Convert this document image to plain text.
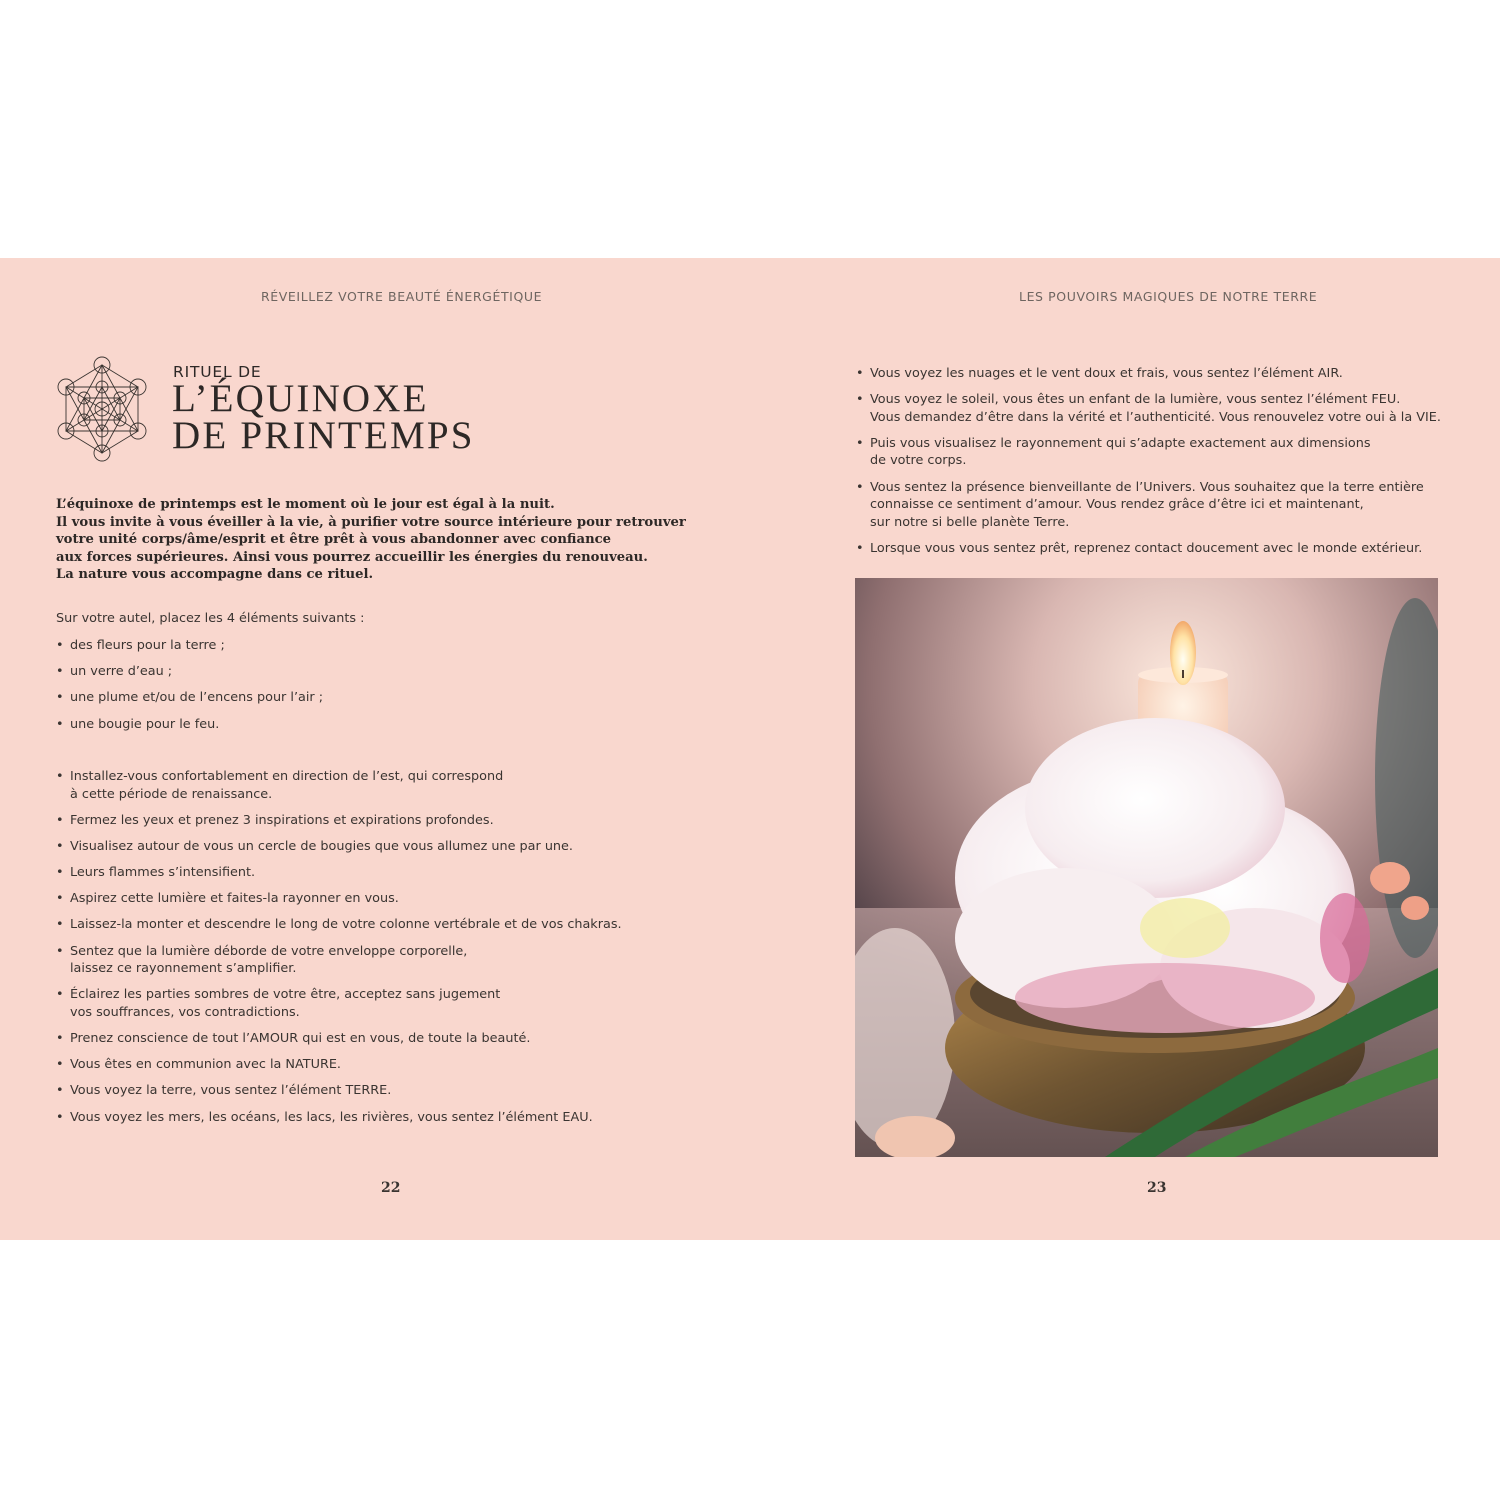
RÉVEILLEZ VOTRE BEAUTÉ ÉNERGÉTIQUE
RITUEL DE
L’ÉQUINOXE
DE PRINTEMPS
L’équinoxe de printemps est le moment où le jour est égal à la nuit.
Il vous invite à vous éveiller à la vie, à purifier votre source intérieure pour retrouver
votre unité corps/âme/esprit et être prêt à vous abandonner avec confiance
aux forces supérieures. Ainsi vous pourrez accueillir les énergies du renouveau.
La nature vous accompagne dans ce rituel.
Sur votre autel, placez les 4 éléments suivants :
• des fleurs pour la terre ;
• un verre d’eau ;
• une plume et/ou de l’encens pour l’air ;
• une bougie pour le feu.
• Installez-vous confortablement en direction de l’est, qui correspond
à cette période de renaissance.
• Fermez les yeux et prenez 3 inspirations et expirations profondes.
• Visualisez autour de vous un cercle de bougies que vous allumez une par une.
• Leurs flammes s’intensifient.
• Aspirez cette lumière et faites-la rayonner en vous.
• Laissez-la monter et descendre le long de votre colonne vertébrale et de vos chakras.
• Sentez que la lumière déborde de votre enveloppe corporelle,
laissez ce rayonnement s’amplifier.
• Éclairez les parties sombres de votre être, acceptez sans jugement
vos souffrances, vos contradictions.
• Prenez conscience de tout l’AMOUR qui est en vous, de toute la beauté.
• Vous êtes en communion avec la NATURE.
• Vous voyez la terre, vous sentez l’élément TERRE.
• Vous voyez les mers, les océans, les lacs, les rivières, vous sentez l’élément EAU.
22
LES POUVOIRS MAGIQUES DE NOTRE TERRE
• Vous voyez les nuages et le vent doux et frais, vous sentez l’élément AIR.
• Vous voyez le soleil, vous êtes un enfant de la lumière, vous sentez l’élément FEU.
Vous demandez d’être dans la vérité et l’authenticité. Vous renouvelez votre oui à la VIE.
• Puis vous visualisez le rayonnement qui s’adapte exactement aux dimensions
de votre corps.
• Vous sentez la présence bienveillante de l’Univers. Vous souhaitez que la terre entière
connaisse ce sentiment d’amour. Vous rendez grâce d’être ici et maintenant,
sur notre si belle planète Terre.
• Lorsque vous vous sentez prêt, reprenez contact doucement avec le monde extérieur.
23
